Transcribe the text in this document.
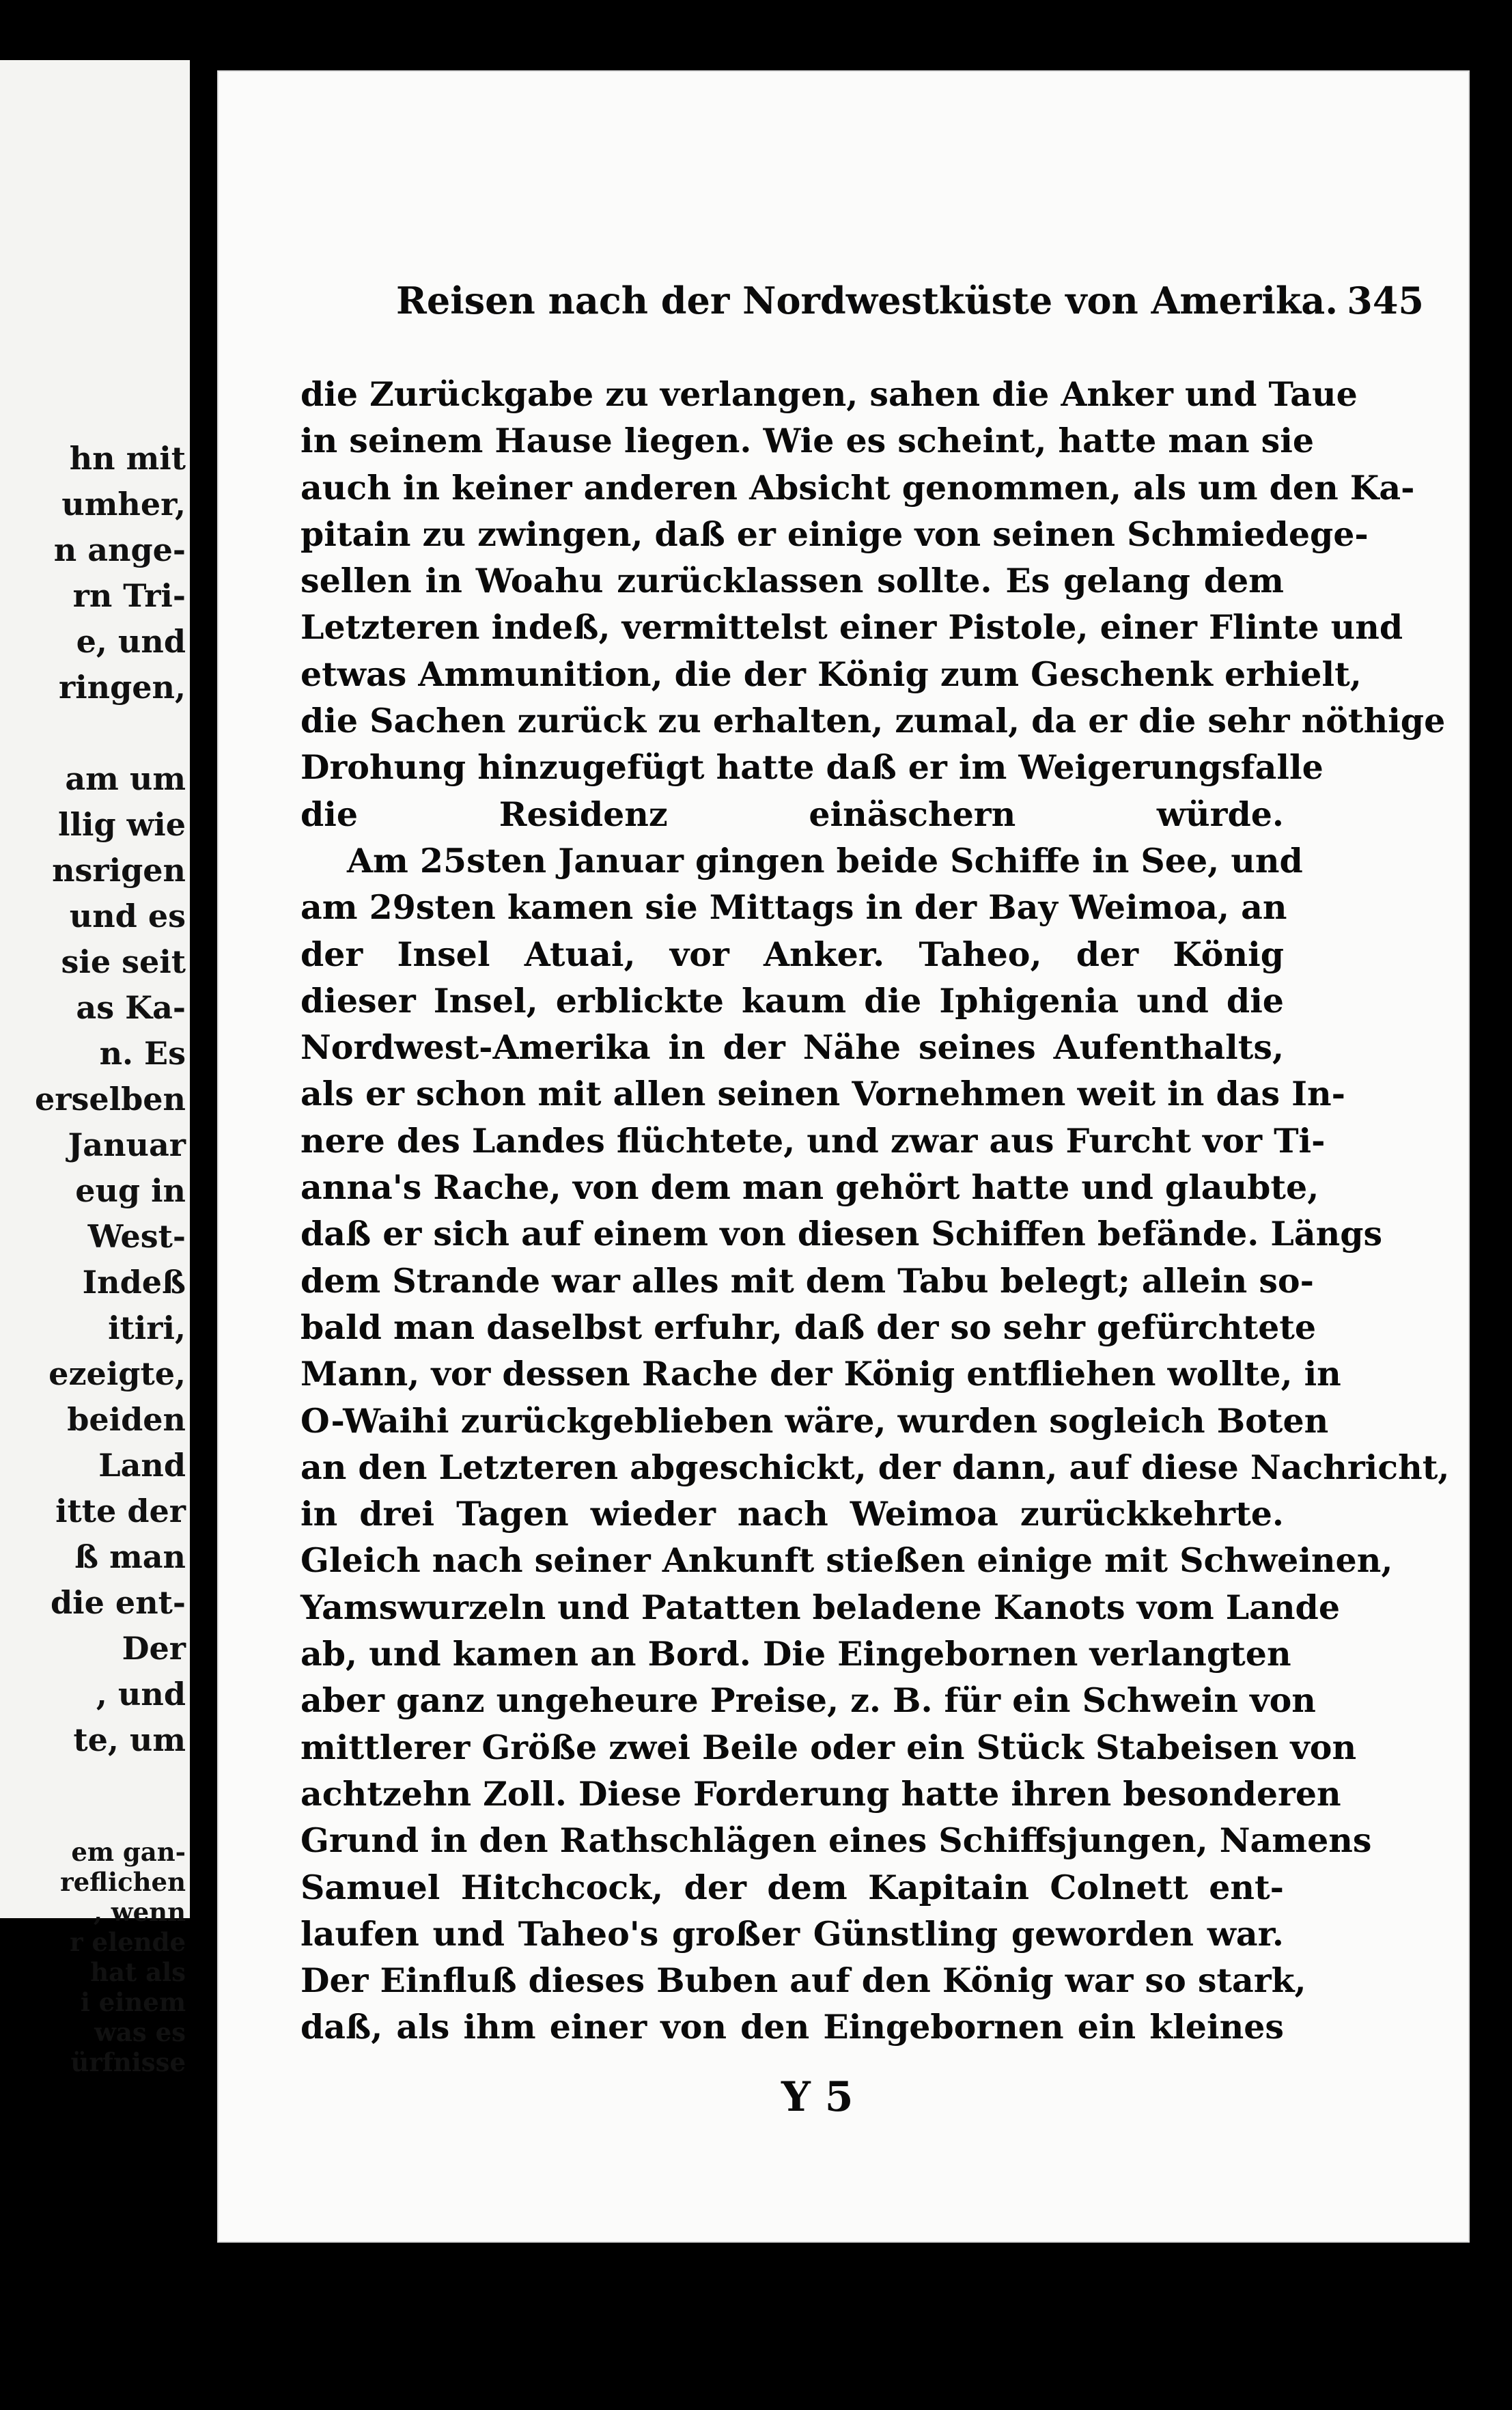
hn mit
umher,
n ange-
rn Tri-
e, und
ringen,
am um
llig wie
nsrigen
und es
sie seit
as Ka-
n. Es
erselben
Januar
eug in
West-
Indeß
itiri,
ezeigte,
beiden
Land
itte der
ß man
die ent-
Der
, und
te, um

em gan-
reflichen
, wenn
r elende
hat als
i einem
was es
ürfnisse

Reisen nach der Nordwestküste von Amerika. 345
die Zurückgabe zu verlangen, sahen die Anker und Taue
in seinem Hause liegen. Wie es scheint, hatte man sie
auch in keiner anderen Absicht genommen, als um den Ka-
pitain zu zwingen, daß er einige von seinen Schmiedege-
sellen in Woahu zurücklassen sollte. Es gelang dem
Letzteren indeß, vermittelst einer Pistole, einer Flinte und
etwas Ammunition, die der König zum Geschenk erhielt,
die Sachen zurück zu erhalten, zumal, da er die sehr nöthige
Drohung hinzugefügt hatte daß er im Weigerungsfalle
die Residenz einäschern würde.
Am 25sten Januar gingen beide Schiffe in See, und
am 29sten kamen sie Mittags in der Bay Weimoa, an
der Insel Atuai, vor Anker. Taheo, der König
dieser Insel, erblickte kaum die Iphigenia und die
Nordwest-Amerika in der Nähe seines Aufenthalts,
als er schon mit allen seinen Vornehmen weit in das In-
nere des Landes flüchtete, und zwar aus Furcht vor Ti-
anna's Rache, von dem man gehört hatte und glaubte,
daß er sich auf einem von diesen Schiffen befände. Längs
dem Strande war alles mit dem Tabu belegt; allein so-
bald man daselbst erfuhr, daß der so sehr gefürchtete
Mann, vor dessen Rache der König entfliehen wollte, in
O-Waihi zurückgeblieben wäre, wurden sogleich Boten
an den Letzteren abgeschickt, der dann, auf diese Nachricht,
in drei Tagen wieder nach Weimoa zurückkehrte.
Gleich nach seiner Ankunft stießen einige mit Schweinen,
Yamswurzeln und Patatten beladene Kanots vom Lande
ab, und kamen an Bord. Die Eingebornen verlangten
aber ganz ungeheure Preise, z. B. für ein Schwein von
mittlerer Größe zwei Beile oder ein Stück Stabeisen von
achtzehn Zoll. Diese Forderung hatte ihren besonderen
Grund in den Rathschlägen eines Schiffsjungen, Namens
Samuel Hitchcock, der dem Kapitain Colnett ent-
laufen und Taheo's großer Günstling geworden war.
Der Einfluß dieses Buben auf den König war so stark,
daß, als ihm einer von den Eingebornen ein kleines
Y 5
